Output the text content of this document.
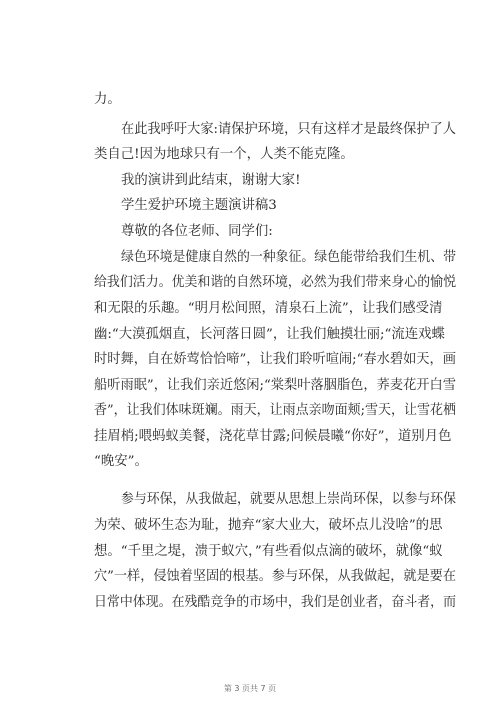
力。
在此我呼吁大家:请保护环境，只有这样才是最终保护了人
类自己!因为地球只有一个，人类不能克隆。
我的演讲到此结束，谢谢大家!
学生爱护环境主题演讲稿3
尊敬的各位老师、同学们:
绿色环境是健康自然的一种象征。绿色能带给我们生机、带
给我们活力。优美和谐的自然环境，必然为我们带来身心的愉悦
和无限的乐趣。“明月松间照，清泉石上流”，让我们感受清
幽:“大漠孤烟直，长河落日圆”，让我们触摸壮丽;“流连戏蝶
时时舞，自在娇莺恰恰啼”，让我们聆听喧闹;“春水碧如天，画
船听雨眠”，让我们亲近悠闲;“棠梨叶落胭脂色，荞麦花开白雪
香”，让我们体味斑斓。雨天，让雨点亲吻面颊;雪天，让雪花栖
挂眉梢;喂蚂蚁美餐，浇花草甘露;问候晨曦“你好”，道别月色
“晚安”。
参与环保，从我做起，就要从思想上崇尚环保，以参与环保
为荣、破坏生态为耻，抛弃“家大业大，破坏点儿没啥”的思
想。“千里之堤，溃于蚁穴，”有些看似点滴的破坏，就像“蚁
穴”一样，侵蚀着坚固的根基。参与环保，从我做起，就是要在
日常中体现。在残酷竞争的市场中，我们是创业者，奋斗者，而
第 3 页共 7 页
